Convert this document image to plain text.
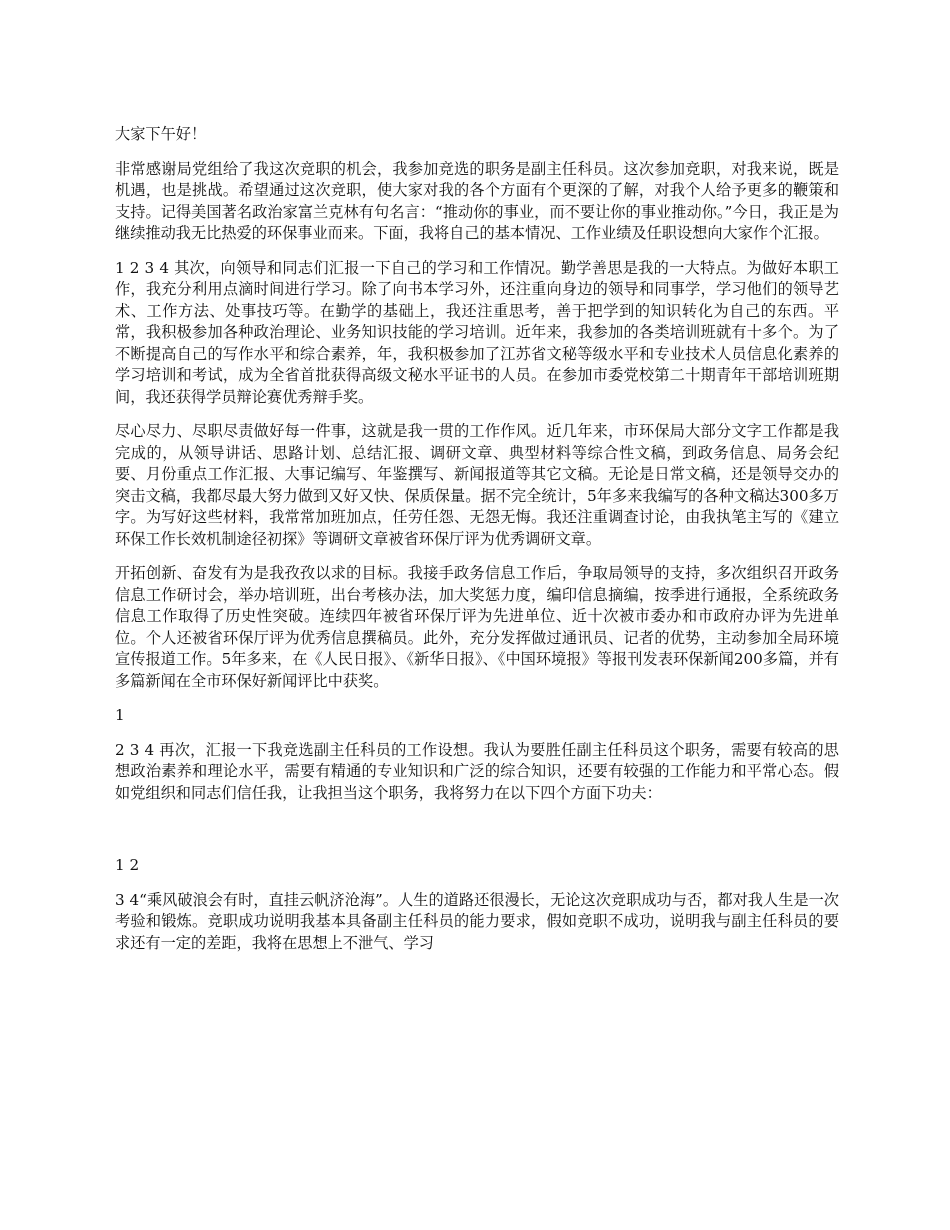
大家下午好！

非常感谢局党组给了我这次竞职的机会，我参加竞选的职务是副主任科员。这次参加竞职，对我来说，既是机遇，也是挑战。希望通过这次竞职，使大家对我的各个方面有个更深的了解，对我个人给予更多的鞭策和支持。记得美国著名政治家富兰克林有句名言：“推动你的事业，而不要让你的事业推动你。”今日，我正是为继续推动我无比热爱的环保事业而来。下面，我将自己的基本情况、工作业绩及任职设想向大家作个汇报。

1 2 3 4 其次，向领导和同志们汇报一下自己的学习和工作情况。勤学善思是我的一大特点。为做好本职工作，我充分利用点滴时间进行学习。除了向书本学习外，还注重向身边的领导和同事学，学习他们的领导艺术、工作方法、处事技巧等。在勤学的基础上，我还注重思考，善于把学到的知识转化为自己的东西。平常，我积极参加各种政治理论、业务知识技能的学习培训。近年来，我参加的各类培训班就有十多个。为了不断提高自己的写作水平和综合素养，年，我积极参加了江苏省文秘等级水平和专业技术人员信息化素养的学习培训和考试，成为全省首批获得高级文秘水平证书的人员。在参加市委党校第二十期青年干部培训班期间，我还获得学员辩论赛优秀辩手奖。

尽心尽力、尽职尽责做好每一件事，这就是我一贯的工作作风。近几年来，市环保局大部分文字工作都是我完成的，从领导讲话、思路计划、总结汇报、调研文章、典型材料等综合性文稿，到政务信息、局务会纪要、月份重点工作汇报、大事记编写、年鉴撰写、新闻报道等其它文稿。无论是日常文稿，还是领导交办的突击文稿，我都尽最大努力做到又好又快、保质保量。据不完全统计，5年多来我编写的各种文稿达300多万字。为写好这些材料，我常常加班加点，任劳任怨、无怨无悔。我还注重调查讨论，由我执笔主写的《建立环保工作长效机制途径初探》等调研文章被省环保厅评为优秀调研文章。

开拓创新、奋发有为是我孜孜以求的目标。我接手政务信息工作后，争取局领导的支持，多次组织召开政务信息工作研讨会，举办培训班，出台考核办法，加大奖惩力度，编印信息摘编，按季进行通报，全系统政务信息工作取得了历史性突破。连续四年被省环保厅评为先进单位、近十次被市委办和市政府办评为先进单位。个人还被省环保厅评为优秀信息撰稿员。此外，充分发挥做过通讯员、记者的优势，主动参加全局环境宣传报道工作。5年多来，在《人民日报》、《新华日报》、《中国环境报》等报刊发表环保新闻200多篇，并有多篇新闻在全市环保好新闻评比中获奖。

1

2 3 4 再次，汇报一下我竞选副主任科员的工作设想。我认为要胜任副主任科员这个职务，需要有较高的思想政治素养和理论水平，需要有精通的专业知识和广泛的综合知识，还要有较强的工作能力和平常心态。假如党组织和同志们信任我，让我担当这个职务，我将努力在以下四个方面下功夫：

1 2

3 4“乘风破浪会有时，直挂云帆济沧海”。人生的道路还很漫长，无论这次竞职成功与否，都对我人生是一次考验和锻炼。竞职成功说明我基本具备副主任科员的能力要求，假如竞职不成功，说明我与副主任科员的要求还有一定的差距，我将在思想上不泄气、学习
